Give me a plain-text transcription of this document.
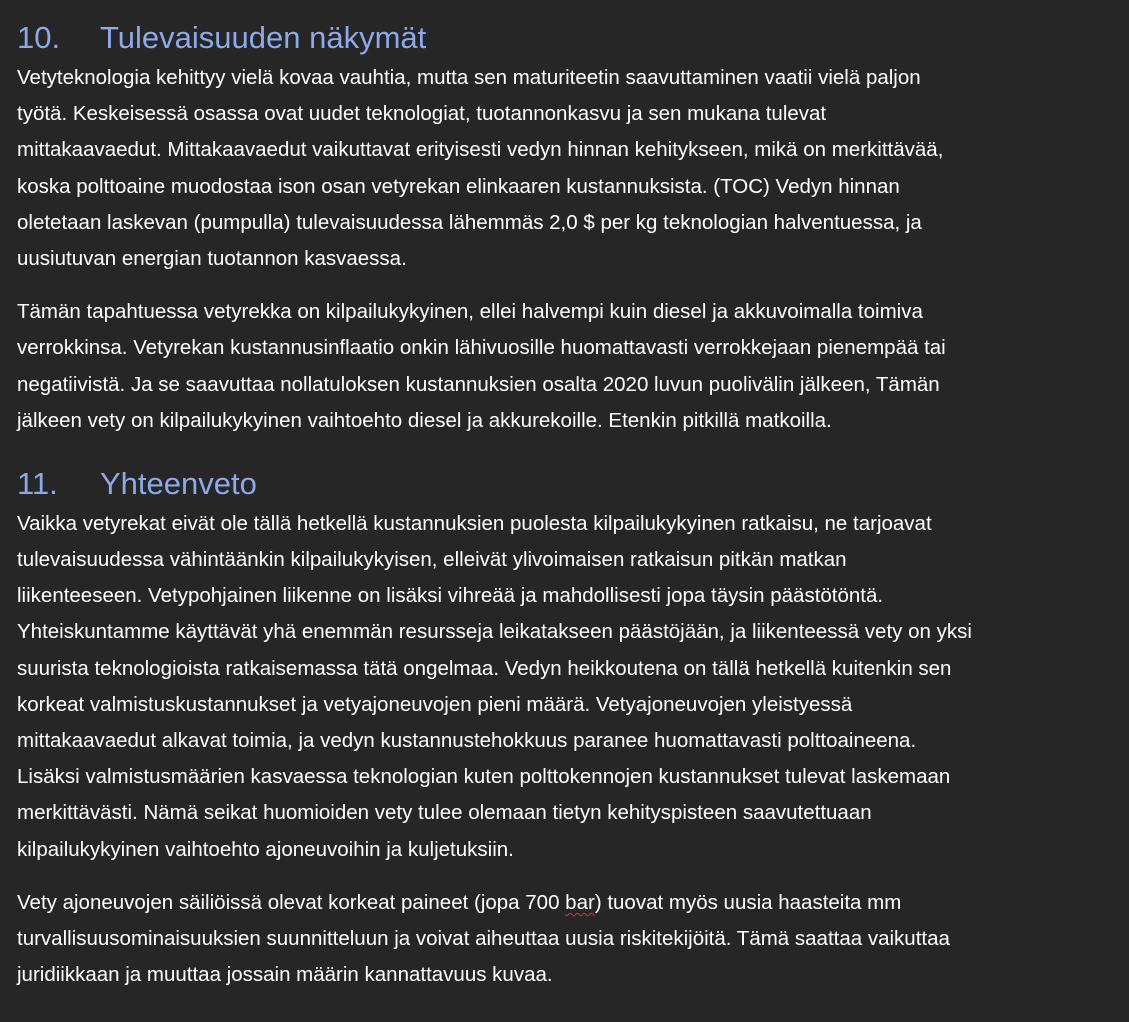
10. Tulevaisuuden näkymät

Vetyteknologia kehittyy vielä kovaa vauhtia, mutta sen maturiteetin saavuttaminen vaatii vielä paljon
työtä. Keskeisessä osassa ovat uudet teknologiat, tuotannonkasvu ja sen mukana tulevat
mittakaavaedut. Mittakaavaedut vaikuttavat erityisesti vedyn hinnan kehitykseen, mikä on merkittävää,
koska polttoaine muodostaa ison osan vetyrekan elinkaaren kustannuksista. (TOC) Vedyn hinnan
oletetaan laskevan (pumpulla) tulevaisuudessa lähemmäs 2,0 $ per kg teknologian halventuessa, ja
uusiutuvan energian tuotannon kasvaessa.

Tämän tapahtuessa vetyrekka on kilpailukykyinen, ellei halvempi kuin diesel ja akkuvoimalla toimiva
verrokkinsa. Vetyrekan kustannusinflaatio onkin lähivuosille huomattavasti verrokkejaan pienempää tai
negatiivistä. Ja se saavuttaa nollatuloksen kustannuksien osalta 2020 luvun puolivälin jälkeen, Tämän
jälkeen vety on kilpailukykyinen vaihtoehto diesel ja akkurekoille. Etenkin pitkillä matkoilla.

11. Yhteenveto

Vaikka vetyrekat eivät ole tällä hetkellä kustannuksien puolesta kilpailukykyinen ratkaisu, ne tarjoavat
tulevaisuudessa vähintäänkin kilpailukykyisen, elleivät ylivoimaisen ratkaisun pitkän matkan
liikenteeseen. Vetypohjainen liikenne on lisäksi vihreää ja mahdollisesti jopa täysin päästötöntä.
Yhteiskuntamme käyttävät yhä enemmän resursseja leikatakseen päästöjään, ja liikenteessä vety on yksi
suurista teknologioista ratkaisemassa tätä ongelmaa. Vedyn heikkoutena on tällä hetkellä kuitenkin sen
korkeat valmistuskustannukset ja vetyajoneuvojen pieni määrä. Vetyajoneuvojen yleistyessä
mittakaavaedut alkavat toimia, ja vedyn kustannustehokkuus paranee huomattavasti polttoaineena.
Lisäksi valmistusmäärien kasvaessa teknologian kuten polttokennojen kustannukset tulevat laskemaan
merkittävästi. Nämä seikat huomioiden vety tulee olemaan tietyn kehityspisteen saavutettuaan
kilpailukykyinen vaihtoehto ajoneuvoihin ja kuljetuksiin.

Vety ajoneuvojen säiliöissä olevat korkeat paineet (jopa 700 bar) tuovat myös uusia haasteita mm
turvallisuusominaisuuksien suunnitteluun ja voivat aiheuttaa uusia riskitekijöitä. Tämä saattaa vaikuttaa
juridiikkaan ja muuttaa jossain määrin kannattavuus kuvaa.
